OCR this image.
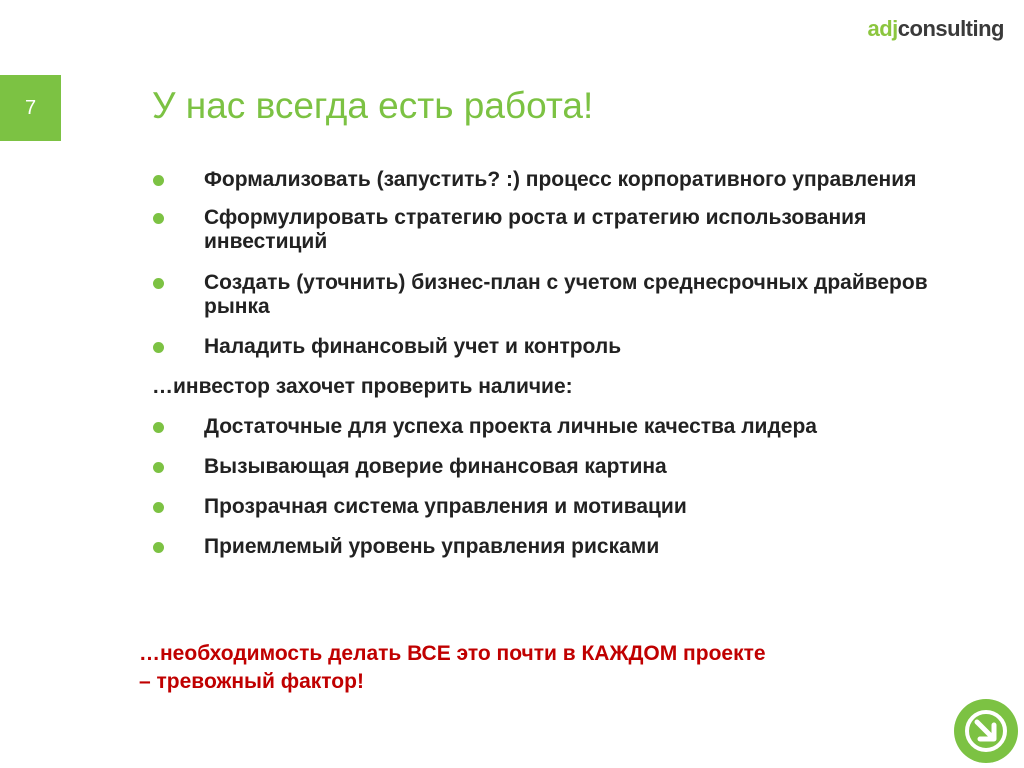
adjconsulting
7	У нас всегда есть работа!
Формализовать (запустить? :) процесс корпоративного управления
Сформулировать стратегию роста и стратегию использования инвестиций
Создать (уточнить) бизнес-план с учетом среднесрочных драйверов рынка
Наладить финансовый учет и контроль
…инвестор захочет проверить наличие:
Достаточные для успеха проекта личные качества лидера
Вызывающая доверие финансовая картина
Прозрачная система управления и мотивации
Приемлемый уровень управления рисками
…необходимость делать ВСЕ это почти в КАЖДОМ проекте
– тревожный фактор!
